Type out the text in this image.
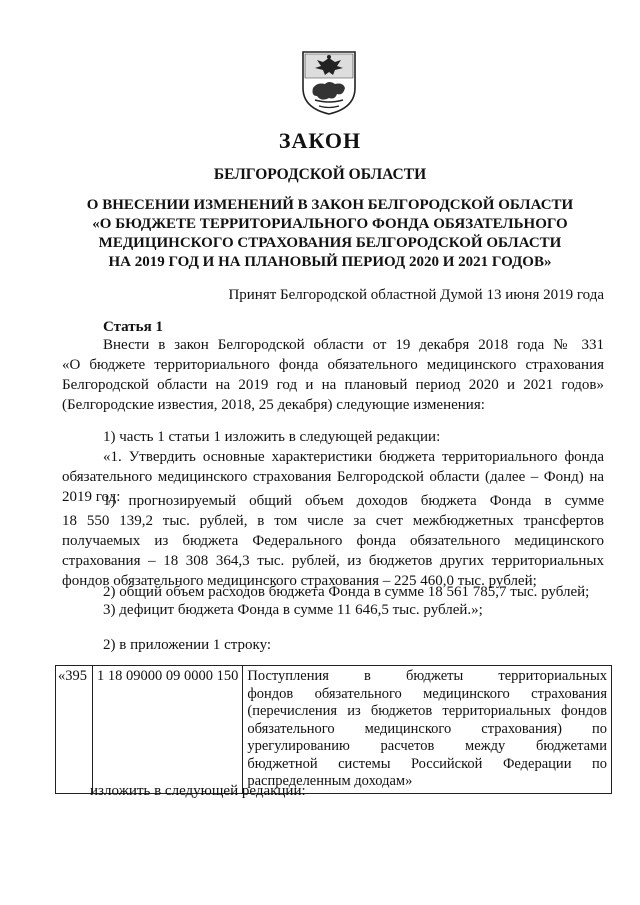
ЗАКОН
БЕЛГОРОДСКОЙ ОБЛАСТИ
О ВНЕСЕНИИ ИЗМЕНЕНИЙ В ЗАКОН БЕЛГОРОДСКОЙ ОБЛАСТИ
«О БЮДЖЕТЕ ТЕРРИТОРИАЛЬНОГО ФОНДА ОБЯЗАТЕЛЬНОГО
МЕДИЦИНСКОГО СТРАХОВАНИЯ БЕЛГОРОДСКОЙ ОБЛАСТИ
НА 2019 ГОД И НА ПЛАНОВЫЙ ПЕРИОД 2020 И 2021 ГОДОВ»
Принят Белгородской областной Думой 13 июня 2019 года
Статья 1
Внести в закон Белгородской области от 19 декабря 2018 года № 331
«О бюджете территориального фонда обязательного медицинского страхования
Белгородской области на 2019 год и на плановый период 2020 и 2021 годов»
(Белгородские известия, 2018, 25 декабря) следующие изменения:
1) часть 1 статьи 1 изложить в следующей редакции:
«1. Утвердить основные характеристики бюджета территориального фонда
обязательного медицинского страхования Белгородской области (далее – Фонд) на
2019 год:
1) прогнозируемый общий объем доходов бюджета Фонда в сумме
18 550 139,2 тыс. рублей, в том числе за счет межбюджетных трансфертов
получаемых из бюджета Федерального фонда обязательного медицинского
страхования – 18 308 364,3 тыс. рублей, из бюджетов других территориальных
фондов обязательного медицинского страхования – 225 460,0 тыс. рублей;
2) общий объем расходов бюджета Фонда в сумме 18 561 785,7 тыс. рублей;
3) дефицит бюджета Фонда в сумме 11 646,5 тыс. рублей.»;
2) в приложении 1 строку:
«395	1 18 09000 09 0000 150	Поступления в бюджеты территориальных
фондов обязательного медицинского страхования
(перечисления из бюджетов территориальных фондов
обязательного медицинского страхования) по
урегулированию расчетов между бюджетами
бюджетной системы Российской Федерации по
распределенным доходам»
изложить в следующей редакции:
